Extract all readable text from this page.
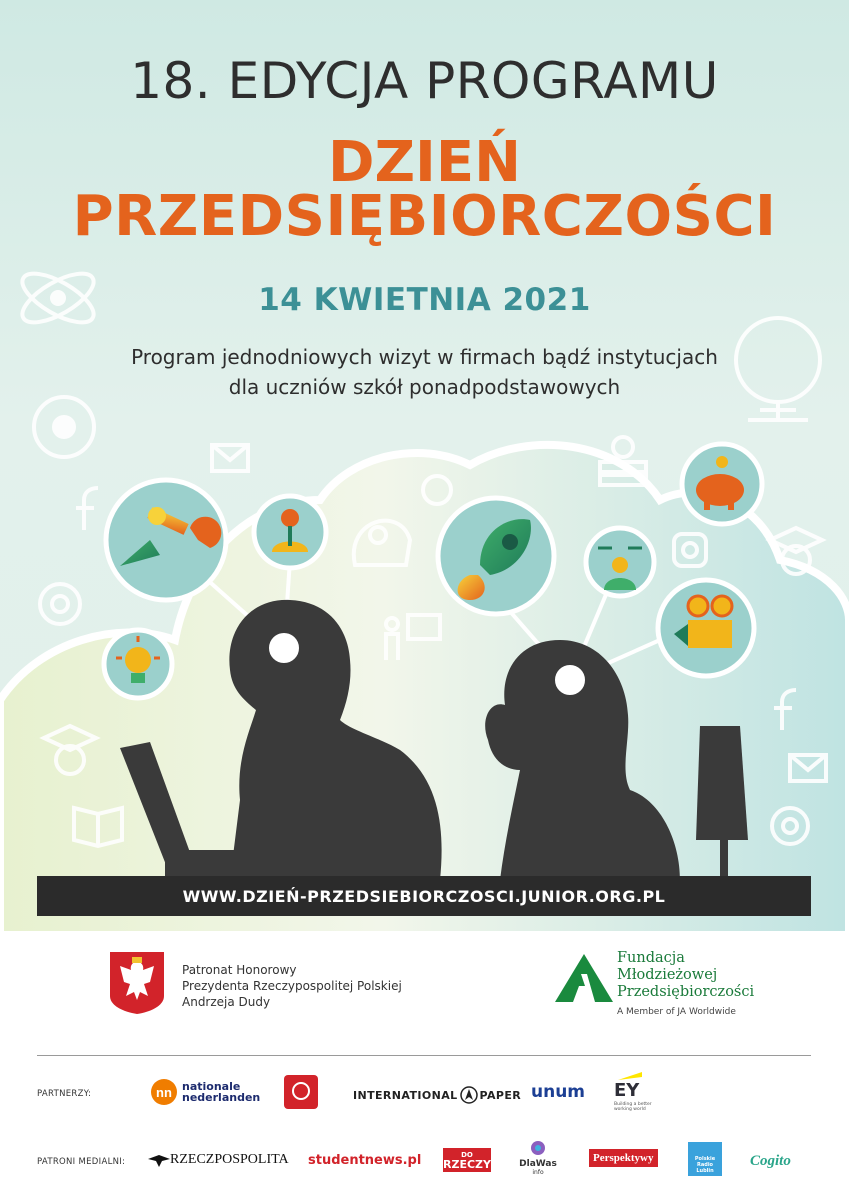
18. EDYCJA PROGRAMU
DZIEŃ
PRZEDSIĘBIORCZOŚCI
14 KWIETNIA 2021
Program jednodniowych wizyt w firmach bądź instytucjach
dla uczniów szkół ponadpodstawowych
WWW.DZIEŃ-PRZEDSIEBIORCZOSCI.JUNIOR.ORG.PL
Patronat Honorowy
Prezydenta Rzeczypospolitej Polskiej
Andrzeja Dudy
Fundacja
Młodzieżowej
Przedsiębiorczości
A Member of JA Worldwide
PARTNERZY:	nn nationale
nederlanden	INTERNATIONAL PAPER unum EY
Building a better
working world
PATRONI MEDIALNI:	RZECZPOSPOLITA studentnews.pl	DO
RZECZY	DlaWas
info
Perspektywy	Polskie
Radio
Lublin
Cogito
